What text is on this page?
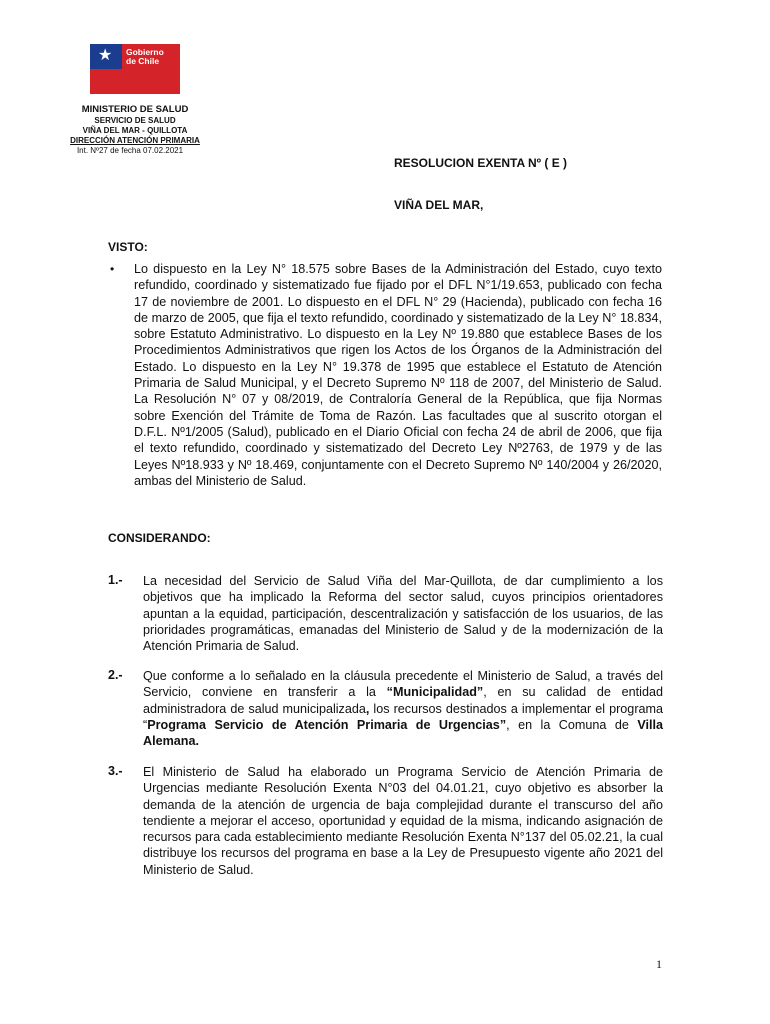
★ Gobierno
de Chile
MINISTERIO DE SALUD
SERVICIO DE SALUD
VIÑA DEL MAR - QUILLOTA
DIRECCIÓN ATENCIÓN PRIMARIA
Int. Nº27 de fecha 07.02.2021
RESOLUCION EXENTA Nº ( E )
VIÑA DEL MAR,
VISTO:
• Lo dispuesto en la Ley N° 18.575 sobre Bases de la Administración del Estado, cuyo texto refundido, coordinado y sistematizado fue fijado por el DFL N°1/19.653, publicado con fecha 17 de noviembre de 2001. Lo dispuesto en el DFL N° 29 (Hacienda), publicado con fecha 16 de marzo de 2005, que fija el texto refundido, coordinado y sistematizado de la Ley N° 18.834, sobre Estatuto Administrativo. Lo dispuesto en la Ley Nº 19.880 que establece Bases de los Procedimientos Administrativos que rigen los Actos de los Órganos de la Administración del Estado. Lo dispuesto en la Ley N° 19.378 de 1995 que establece el Estatuto de Atención Primaria de Salud Municipal, y el Decreto Supremo Nº 118 de 2007, del Ministerio de Salud. La Resolución N° 07 y 08/2019, de Contraloría General de la República, que fija Normas sobre Exención del Trámite de Toma de Razón. Las facultades que al suscrito otorgan el D.F.L. Nº1/2005 (Salud), publicado en el Diario Oficial con fecha 24 de abril de 2006, que fija el texto refundido, coordinado y sistematizado del Decreto Ley Nº2763, de 1979 y de las Leyes Nº18.933 y Nº 18.469, conjuntamente con el Decreto Supremo Nº 140/2004 y 26/2020, ambas del Ministerio de Salud.
CONSIDERANDO:
1.- La necesidad del Servicio de Salud Viña del Mar-Quillota, de dar cumplimiento a los objetivos que ha implicado la Reforma del sector salud, cuyos principios orientadores apuntan a la equidad, participación, descentralización y satisfacción de los usuarios, de las prioridades programáticas, emanadas del Ministerio de Salud y de la modernización de la Atención Primaria de Salud.
2.- Que conforme a lo señalado en la cláusula precedente el Ministerio de Salud, a través del Servicio, conviene en transferir a la “Municipalidad”, en su calidad de entidad administradora de salud municipalizada, los recursos destinados a implementar el programa “Programa Servicio de Atención Primaria de Urgencias”, en la Comuna de Villa Alemana.
3.- El Ministerio de Salud ha elaborado un Programa Servicio de Atención Primaria de Urgencias mediante Resolución Exenta N°03 del 04.01.21, cuyo objetivo es absorber la demanda de la atención de urgencia de baja complejidad durante el transcurso del año tendiente a mejorar el acceso, oportunidad y equidad de la misma, indicando asignación de recursos para cada establecimiento mediante Resolución Exenta N°137 del 05.02.21, la cual distribuye los recursos del programa en base a la Ley de Presupuesto vigente año 2021 del Ministerio de Salud.
1
